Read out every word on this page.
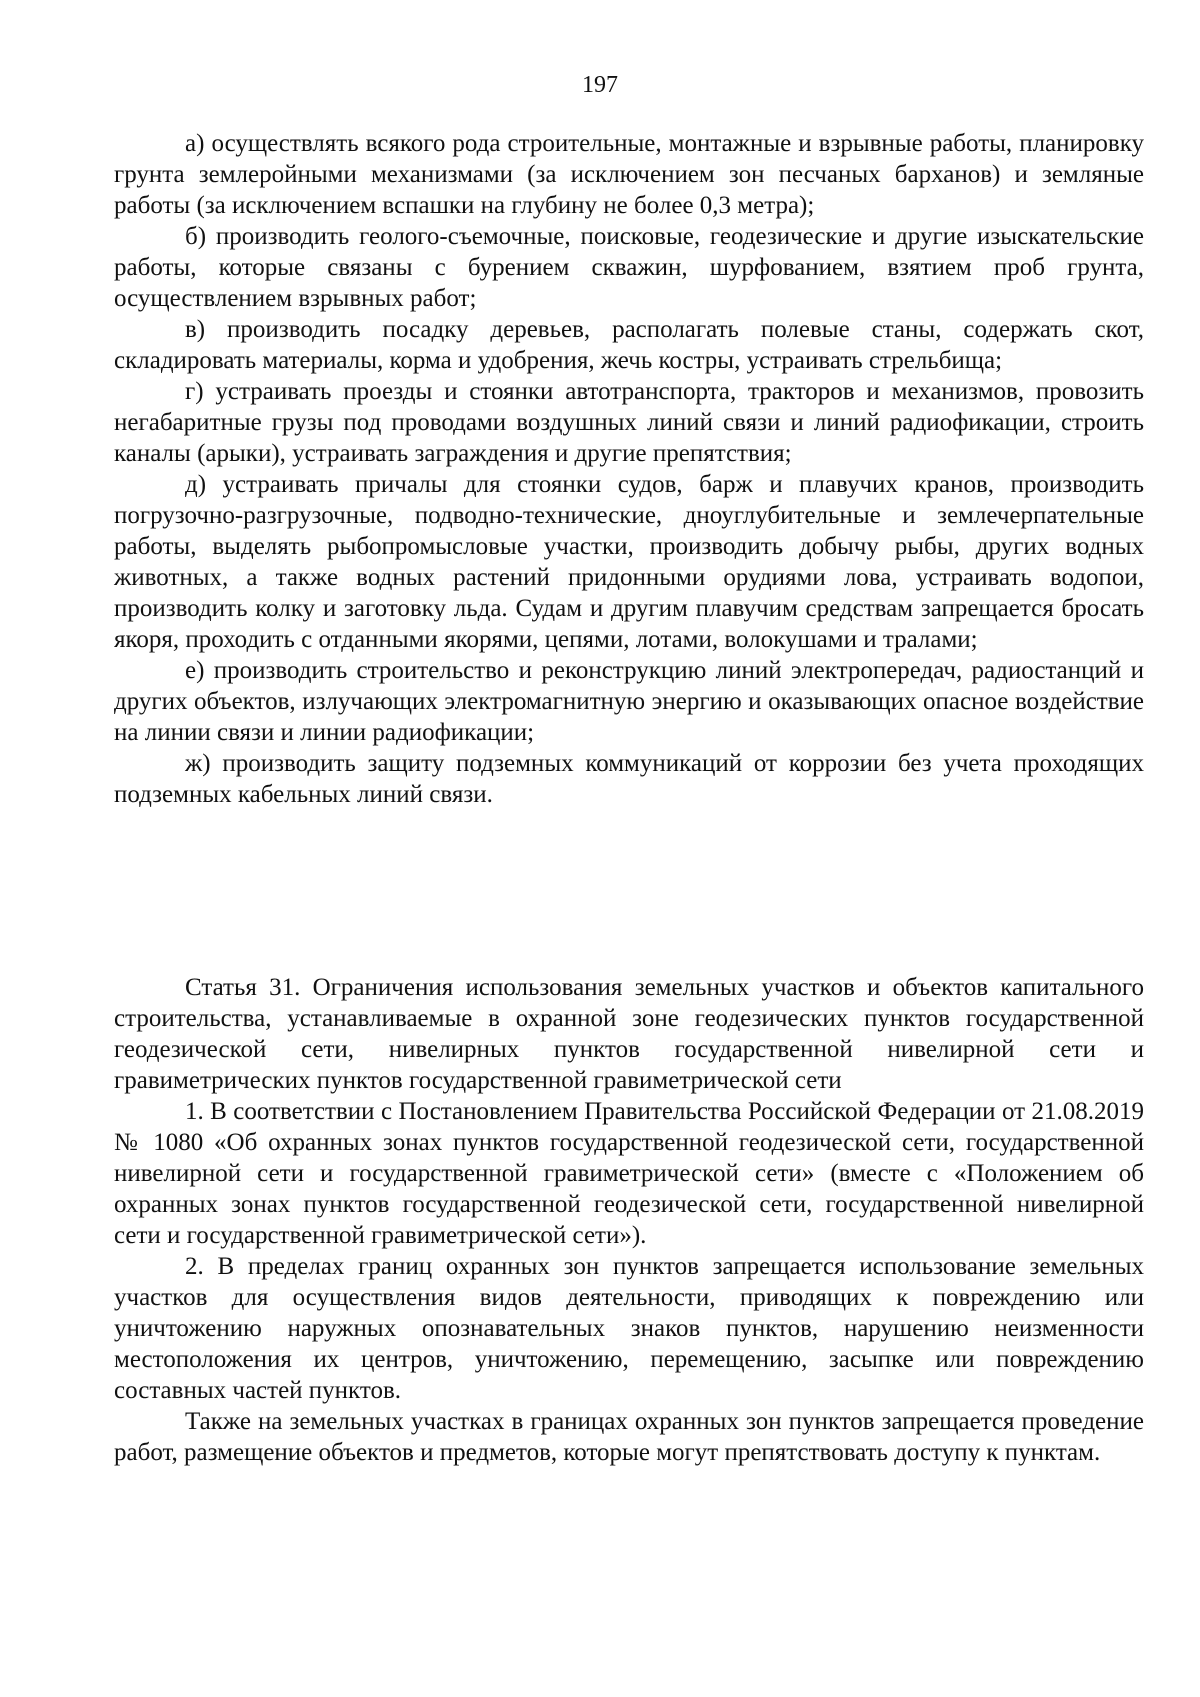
197

а) осуществлять всякого рода строительные, монтажные и взрывные работы, планировку грунта землеройными механизмами (за исключением зон песчаных барханов) и земляные работы (за исключением вспашки на глубину не более 0,3 метра);

б) производить геолого-съемочные, поисковые, геодезические и другие изыскательские работы, которые связаны с бурением скважин, шурфованием, взятием проб грунта, осуществлением взрывных работ;

в) производить посадку деревьев, располагать полевые станы, содержать скот, складировать материалы, корма и удобрения, жечь костры, устраивать стрельбища;

г) устраивать проезды и стоянки автотранспорта, тракторов и механизмов, провозить негабаритные грузы под проводами воздушных линий связи и линий радиофикации, строить каналы (арыки), устраивать заграждения и другие препятствия;

д) устраивать причалы для стоянки судов, барж и плавучих кранов, производить погрузочно-разгрузочные, подводно-технические, дноуглубительные и землечерпательные работы, выделять рыбопромысловые участки, производить добычу рыбы, других водных животных, а также водных растений придонными орудиями лова, устраивать водопои, производить колку и заготовку льда. Судам и другим плавучим средствам запрещается бросать якоря, проходить с отданными якорями, цепями, лотами, волокушами и тралами;

е) производить строительство и реконструкцию линий электропередач, радиостанций и других объектов, излучающих электромагнитную энергию и оказывающих опасное воздействие на линии связи и линии радиофикации;

ж) производить защиту подземных коммуникаций от коррозии без учета проходящих подземных кабельных линий связи.

Статья 31. Ограничения использования земельных участков и объектов капитального строительства, устанавливаемые в охранной зоне геодезических пунктов государственной геодезической сети, нивелирных пунктов государственной нивелирной сети и гравиметрических пунктов государственной гравиметрической сети

1. В соответствии с Постановлением Правительства Российской Федерации от 21.08.2019 № 1080 «Об охранных зонах пунктов государственной геодезической сети, государственной нивелирной сети и государственной гравиметрической сети» (вместе с «Положением об охранных зонах пунктов государственной геодезической сети, государственной нивелирной сети и государственной гравиметрической сети»).

2. В пределах границ охранных зон пунктов запрещается использование земельных участков для осуществления видов деятельности, приводящих к повреждению или уничтожению наружных опознавательных знаков пунктов, нарушению неизменности местоположения их центров, уничтожению, перемещению, засыпке или повреждению составных частей пунктов.

Также на земельных участках в границах охранных зон пунктов запрещается проведение работ, размещение объектов и предметов, которые могут препятствовать доступу к пунктам.
